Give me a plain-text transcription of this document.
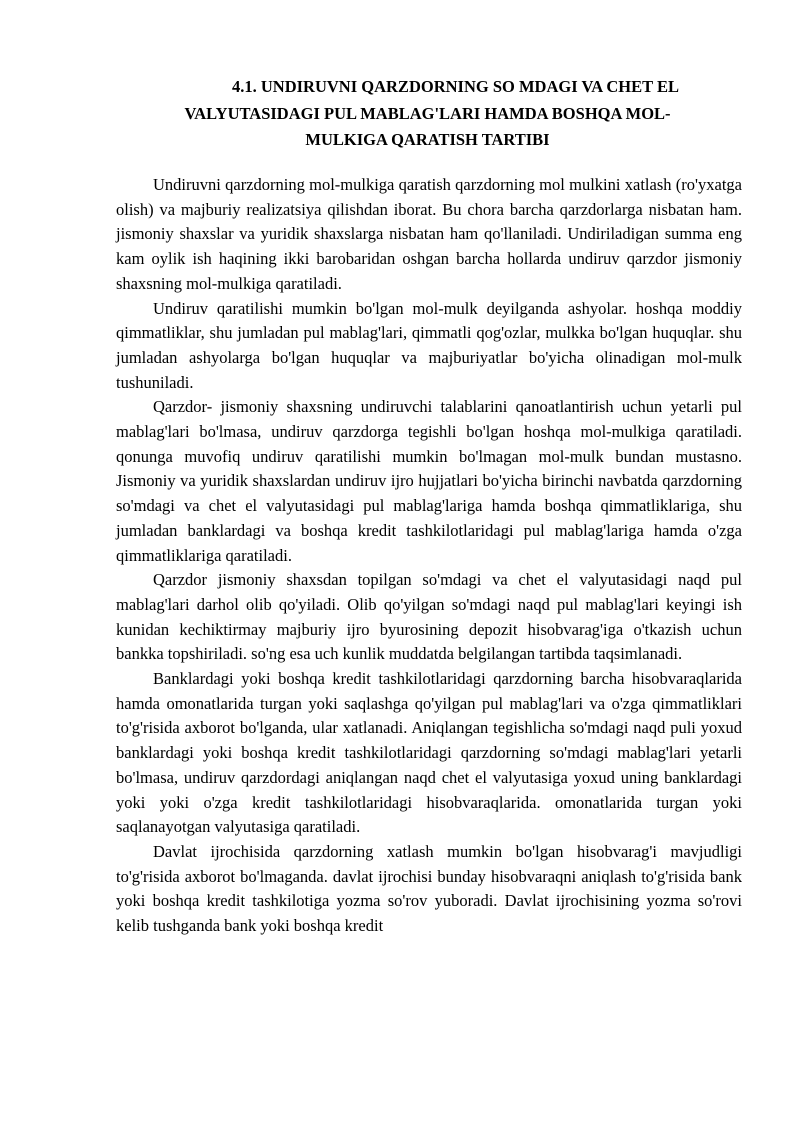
4.1. UNDIRUVNI QARZDORNING SO MDAGI VA CHET EL
VALYUTASIDAGI PUL MABLAG'LARI HAMDA BOSHQA MOL-
MULKIGA QARATISH TARTIBI

Undiruvni qarzdorning mol-mulkiga qaratish qarzdorning mol mulkini xatlash (ro'yxatga olish) va majburiy realizatsiya qilishdan iborat. Bu chora barcha qarzdorlarga nisbatan ham. jismoniy shaxslar va yuridik shaxslarga nisbatan ham qo'llaniladi. Undiriladigan summa eng kam oylik ish haqining ikki barobaridan oshgan barcha hollarda undiruv qarzdor jismoniy shaxsning mol-mulkiga qaratiladi.

Undiruv qaratilishi mumkin bo'lgan mol-mulk deyilganda ashyolar. hoshqa moddiy qimmatliklar, shu jumladan pul mablag'lari, qimmatli qog'ozlar, mulkka bo'lgan huquqlar. shu jumladan ashyolarga bo'lgan huquqlar va majburiyatlar bo'yicha olinadigan mol-mulk tushuniladi.

Qarzdor- jismoniy shaxsning undiruvchi talablarini qanoatlantirish uchun yetarli pul mablag'lari bo'lmasa, undiruv qarzdorga tegishli bo'lgan hoshqa mol-mulkiga qaratiladi. qonunga muvofiq undiruv qaratilishi mumkin bo'lmagan mol-mulk bundan mustasno. Jismoniy va yuridik shaxslardan undiruv ijro hujjatlari bo'yicha birinchi navbatda qarzdorning so'mdagi va chet el valyutasidagi pul mablag'lariga hamda boshqa qimmatliklariga, shu jumladan banklardagi va boshqa kredit tashkilotlaridagi pul mablag'lariga hamda o'zga qimmatliklariga qaratiladi.

Qarzdor jismoniy shaxsdan topilgan so'mdagi va chet el valyutasidagi naqd pul mablag'lari darhol olib qo'yiladi. Olib qo'yilgan so'mdagi naqd pul mablag'lari keyingi ish kunidan kechiktirmay majburiy ijro byurosining depozit hisobvarag'iga o'tkazish uchun bankka topshiriladi. so'ng esa uch kunlik muddatda belgilangan tartibda taqsimlanadi.

Banklardagi yoki boshqa kredit tashkilotlaridagi qarzdorning barcha hisobvaraqlarida hamda omonatlarida turgan yoki saqlashga qo'yilgan pul mablag'lari va o'zga qimmatliklari to'g'risida axborot bo'lganda, ular xatlanadi. Aniqlangan tegishlicha so'mdagi naqd puli yoxud banklardagi yoki boshqa kredit tashkilotlaridagi qarzdorning so'mdagi mablag'lari yetarli bo'lmasa, undiruv qarzdordagi aniqlangan naqd chet el valyutasiga yoxud uning banklardagi yoki yoki o'zga kredit tashkilotlaridagi hisobvaraqlarida. omonatlarida turgan yoki saqlanayotgan valyutasiga qaratiladi.

Davlat ijrochisida qarzdorning xatlash mumkin bo'lgan hisobvarag'i mavjudligi to'g'risida axborot bo'lmaganda. davlat ijrochisi bunday hisobvaraqni aniqlash to'g'risida bank yoki boshqa kredit tashkilotiga yozma so'rov yuboradi. Davlat ijrochisining yozma so'rovi kelib tushganda bank yoki boshqa kredit
